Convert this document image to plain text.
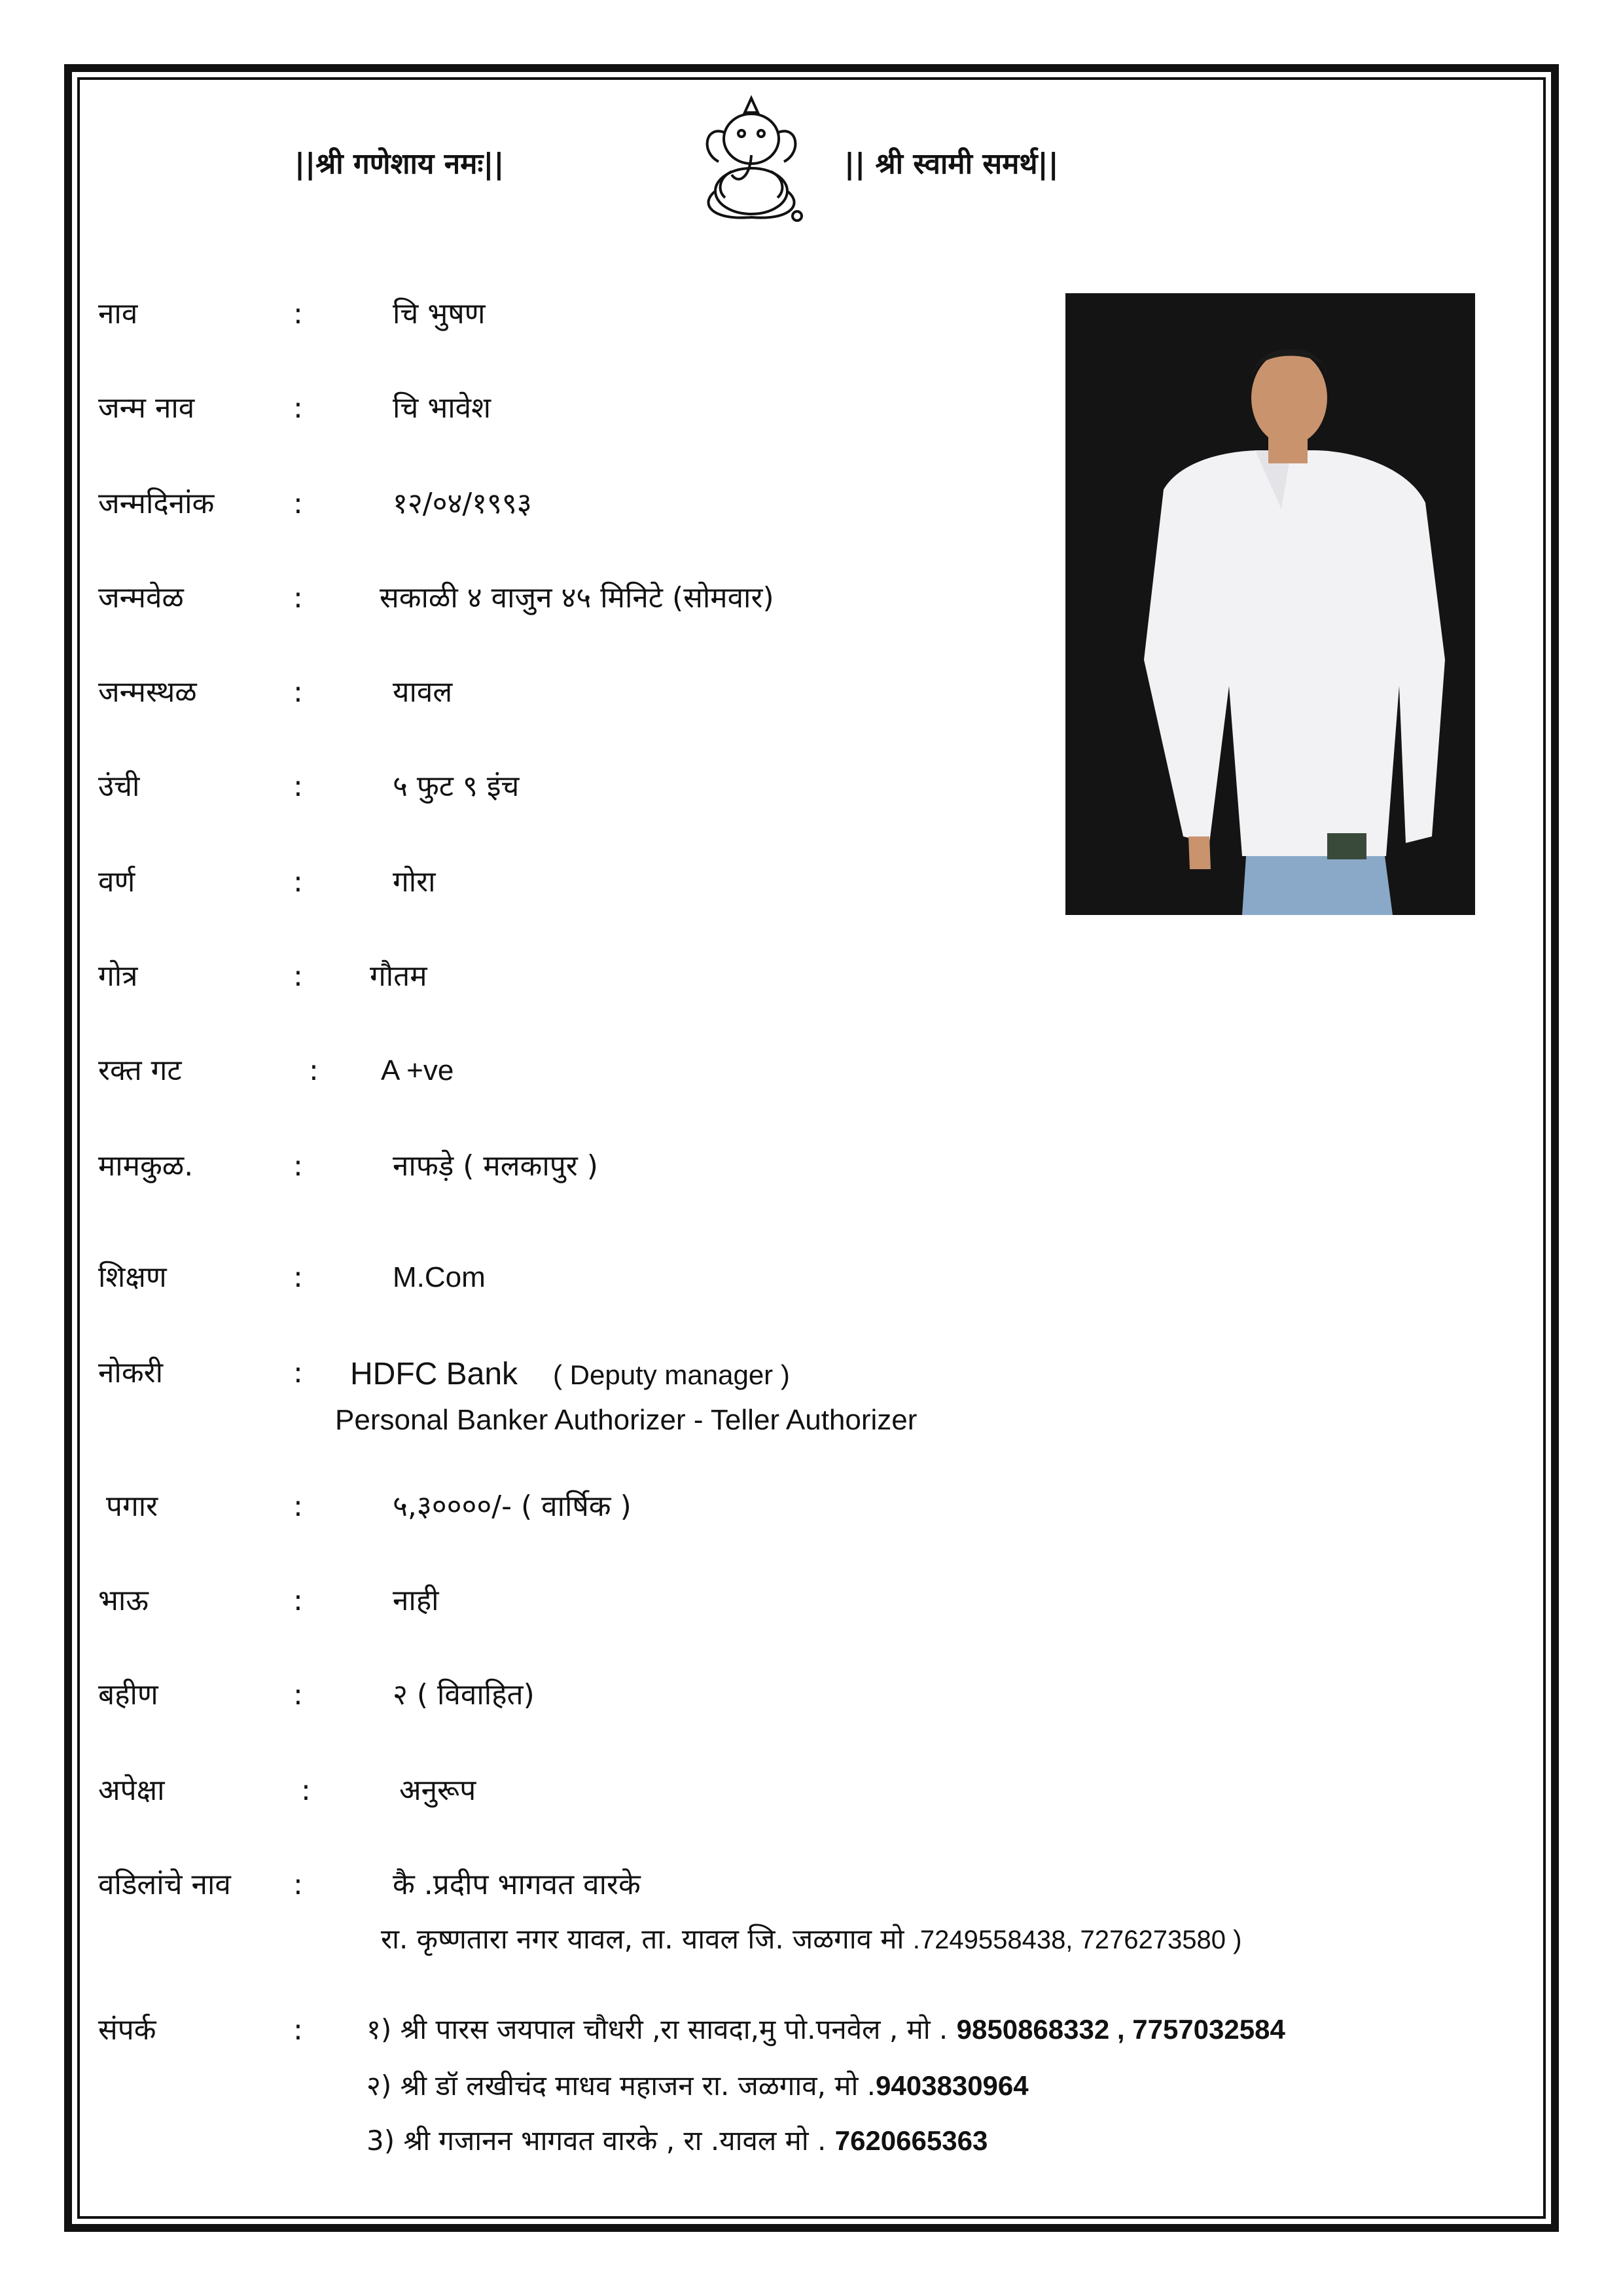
||श्री गणेशाय नमः||	|| श्री स्वामी समर्थ||
नाव	:	चि भुषण
जन्म नाव	:	चि भावेश
जन्मदिनांक	:	१२/०४/१९९३
जन्मवेळ	:	सकाळी ४ वाजुन ४५ मिनिटे (सोमवार)
जन्मस्थळ	:	यावल
उंची	:	५ फुट ९ इंच
वर्ण	:	गोरा
गोत्र	: गौतम
रक्त गट	: A +ve
मामकुळ.	:	नाफड़े ( मलकापुर )
शिक्षण	:	M.Com
नोकरी	: HDFC Bank ( Deputy manager )
Personal Banker Authorizer - Teller Authorizer
पगार	:	५,३००००/- ( वार्षिक )
भाऊ	:	नाही
बहीण	:	२ ( विवाहित)
अपेक्षा	:	अनुरूप
वडिलांचे नाव :	कै .प्रदीप भागवत वारके
रा. कृष्णतारा नगर यावल, ता. यावल जि. जळगाव मो .7249558438, 7276273580 )
संपर्क	: १) श्री पारस जयपाल चौधरी ,रा सावदा,मु पो.पनवेल , मो . 9850868332 , 7757032584
२) श्री डॉ लखीचंद माधव महाजन रा. जळगाव, मो .9403830964
3) श्री गजानन भागवत वारके , रा .यावल मो . 7620665363
